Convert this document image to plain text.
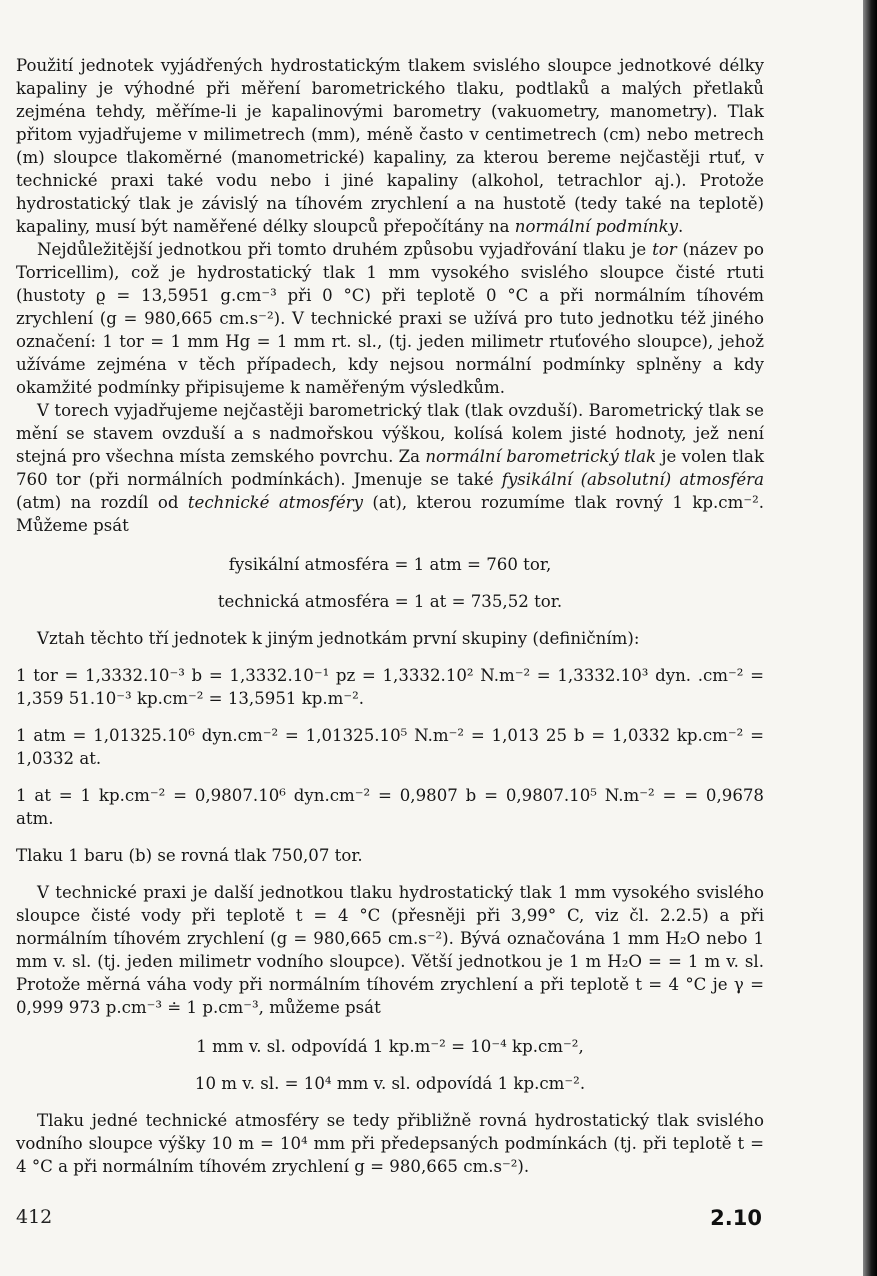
Použití jednotek vyjádřených hydrostatickým tlakem svislého sloupce jednotkové délky kapaliny je výhodné při měření barometrického tlaku, podtlaků a malých přetlaků zejména tehdy, měříme-li je kapalinovými barometry (vakuometry, manometry). Tlak přitom vyjadřujeme v milimetrech (mm), méně často v centimetrech (cm) nebo metrech (m) sloupce tlakoměrné (manometrické) kapaliny, za kterou bereme nejčastěji rtuť, v technické praxi také vodu nebo i jiné kapaliny (alkohol, tetrachlor aj.). Protože hydrostatický tlak je závislý na tíhovém zrychlení a na hustotě (tedy také na teplotě) kapaliny, musí být naměřené délky sloupců přepočítány na normální podmínky.

Nejdůležitější jednotkou při tomto druhém způsobu vyjadřování tlaku je tor (název po Torricellim), což je hydrostatický tlak 1 mm vysokého svislého sloupce čisté rtuti (hustoty ϱ = 13,5951 g.cm⁻³ při 0 °C) při teplotě 0 °C a při normálním tíhovém zrychlení (g = 980,665 cm.s⁻²). V technické praxi se užívá pro tuto jednotku též jiného označení: 1 tor = 1 mm Hg = 1 mm rt. sl., (tj. jeden milimetr rtuťového sloupce), jehož užíváme zejména v těch případech, kdy nejsou normální podmínky splněny a kdy okamžité podmínky připisujeme k naměřeným výsledkům.

V torech vyjadřujeme nejčastěji barometrický tlak (tlak ovzduší). Barometrický tlak se mění se stavem ovzduší a s nadmořskou výškou, kolísá kolem jisté hodnoty, jež není stejná pro všechna místa zemského povrchu. Za normální barometrický tlak je volen tlak 760 tor (při normálních podmínkách). Jmenuje se také fysikální (absolutní) atmosféra (atm) na rozdíl od technické atmosféry (at), kterou rozumíme tlak rovný 1 kp.cm⁻². Můžeme psát

fysikální atmosféra = 1 atm = 760 tor,

technická atmosféra = 1 at = 735,52 tor.

Vztah těchto tří jednotek k jiným jednotkám první skupiny (definičním):

1 tor = 1,3332.10⁻³ b = 1,3332.10⁻¹ pz = 1,3332.10² N.m⁻² = 1,3332.10³ dyn. .cm⁻² = 1,359 51.10⁻³ kp.cm⁻² = 13,5951 kp.m⁻².

1 atm = 1,01325.10⁶ dyn.cm⁻² = 1,01325.10⁵ N.m⁻² = 1,013 25 b = 1,0332 kp.cm⁻² = 1,0332 at.

1 at = 1 kp.cm⁻² = 0,9807.10⁶ dyn.cm⁻² = 0,9807 b = 0,9807.10⁵ N.m⁻² = = 0,9678 atm.

Tlaku 1 baru (b) se rovná tlak 750,07 tor.

V technické praxi je další jednotkou tlaku hydrostatický tlak 1 mm vysokého svislého sloupce čisté vody při teplotě t = 4 °C (přesněji při 3,99° C, viz čl. 2.2.5) a při normálním tíhovém zrychlení (g = 980,665 cm.s⁻²). Bývá označována 1 mm H₂O nebo 1 mm v. sl. (tj. jeden milimetr vodního sloupce). Větší jednotkou je 1 m H₂O = = 1 m v. sl. Protože měrná váha vody při normálním tíhovém zrychlení a při teplotě t = 4 °C je γ = 0,999 973 p.cm⁻³ ≐ 1 p.cm⁻³, můžeme psát

1 mm v. sl. odpovídá 1 kp.m⁻² = 10⁻⁴ kp.cm⁻²,

10 m v. sl. = 10⁴ mm v. sl. odpovídá 1 kp.cm⁻².

Tlaku jedné technické atmosféry se tedy přibližně rovná hydrostatický tlak svislého vodního sloupce výšky 10 m = 10⁴ mm při předepsaných podmínkách (tj. při teplotě t = 4 °C a při normálním tíhovém zrychlení g = 980,665 cm.s⁻²).

412	2.10
